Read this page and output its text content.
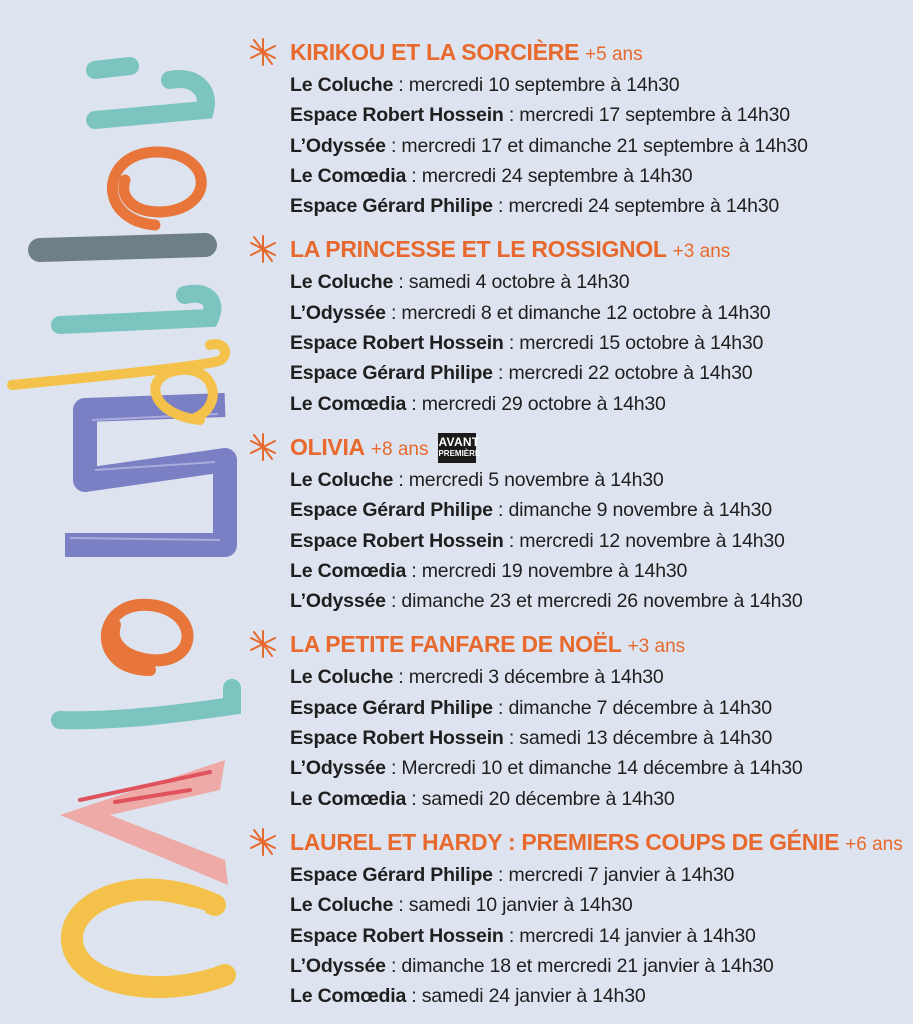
KIRIKOU ET LA SORCIÈRE +5 ans
Le Coluche : mercredi 10 septembre à 14h30
Espace Robert Hossein : mercredi 17 septembre à 14h30
L’Odyssée : mercredi 17 et dimanche 21 septembre à 14h30
Le Comœdia : mercredi 24 septembre à 14h30
Espace Gérard Philipe : mercredi 24 septembre à 14h30
LA PRINCESSE ET LE ROSSIGNOL +3 ans
Le Coluche : samedi 4 octobre à 14h30
L’Odyssée : mercredi 8 et dimanche 12 octobre à 14h30
Espace Robert Hossein : mercredi 15 octobre à 14h30
Espace Gérard Philipe : mercredi 22 octobre à 14h30
Le Comœdia : mercredi 29 octobre à 14h30
OLIVIA +8 ans AVANT
PREMIÈRE
Le Coluche : mercredi 5 novembre à 14h30
Espace Gérard Philipe : dimanche 9 novembre à 14h30
Espace Robert Hossein : mercredi 12 novembre à 14h30
Le Comœdia : mercredi 19 novembre à 14h30
L’Odyssée : dimanche 23 et mercredi 26 novembre à 14h30
LA PETITE FANFARE DE NOËL +3 ans
Le Coluche : mercredi 3 décembre à 14h30
Espace Gérard Philipe : dimanche 7 décembre à 14h30
Espace Robert Hossein : samedi 13 décembre à 14h30
L’Odyssée : Mercredi 10 et dimanche 14 décembre à 14h30
Le Comœdia : samedi 20 décembre à 14h30
LAUREL ET HARDY : PREMIERS COUPS DE GÉNIE +6 ans
Espace Gérard Philipe : mercredi 7 janvier à 14h30
Le Coluche : samedi 10 janvier à 14h30
Espace Robert Hossein : mercredi 14 janvier à 14h30
L’Odyssée : dimanche 18 et mercredi 21 janvier à 14h30
Le Comœdia : samedi 24 janvier à 14h30
